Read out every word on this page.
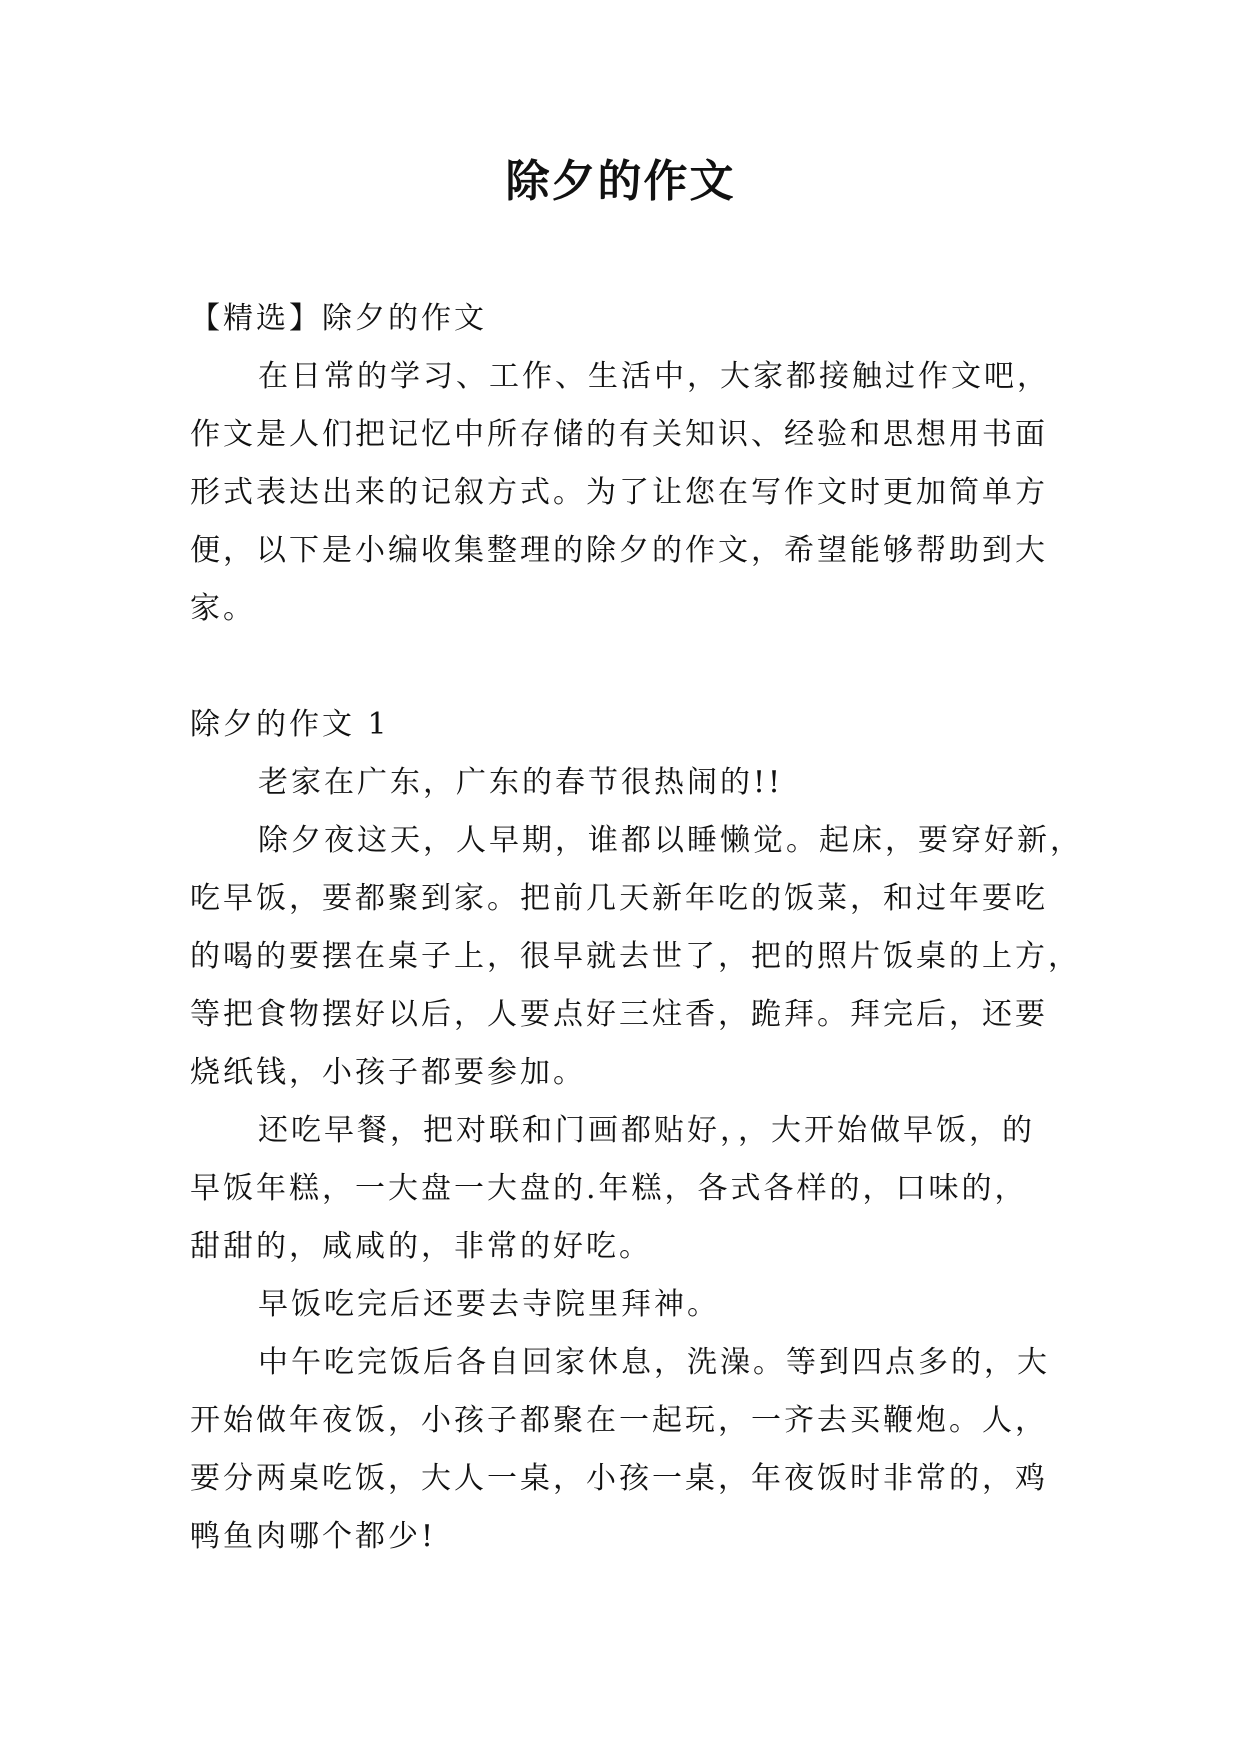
除夕的作文

【精选】除夕的作文

在日常的学习、工作、生活中，大家都接触过作文吧，

作文是人们把记忆中所存储的有关知识、经验和思想用书面

形式表达出来的记叙方式。为了让您在写作文时更加简单方

便，以下是小编收集整理的除夕的作文，希望能够帮助到大

家。

除夕的作文 1

老家在广东，广东的春节很热闹的!!

除夕夜这天，人早期，谁都以睡懒觉。起床，要穿好新，

吃早饭，要都聚到家。把前几天新年吃的饭菜，和过年要吃

的喝的要摆在桌子上，很早就去世了，把的照片饭桌的上方，

等把食物摆好以后，人要点好三炷香，跪拜。拜完后，还要

烧纸钱，小孩子都要参加。

还吃早餐，把对联和门画都贴好，，大开始做早饭，的

早饭年糕，一大盘一大盘的.年糕，各式各样的，口味的，

甜甜的，咸咸的，非常的好吃。

早饭吃完后还要去寺院里拜神。

中午吃完饭后各自回家休息，洗澡。等到四点多的，大

开始做年夜饭，小孩子都聚在一起玩，一齐去买鞭炮。人，

要分两桌吃饭，大人一桌，小孩一桌，年夜饭时非常的，鸡

鸭鱼肉哪个都少!
